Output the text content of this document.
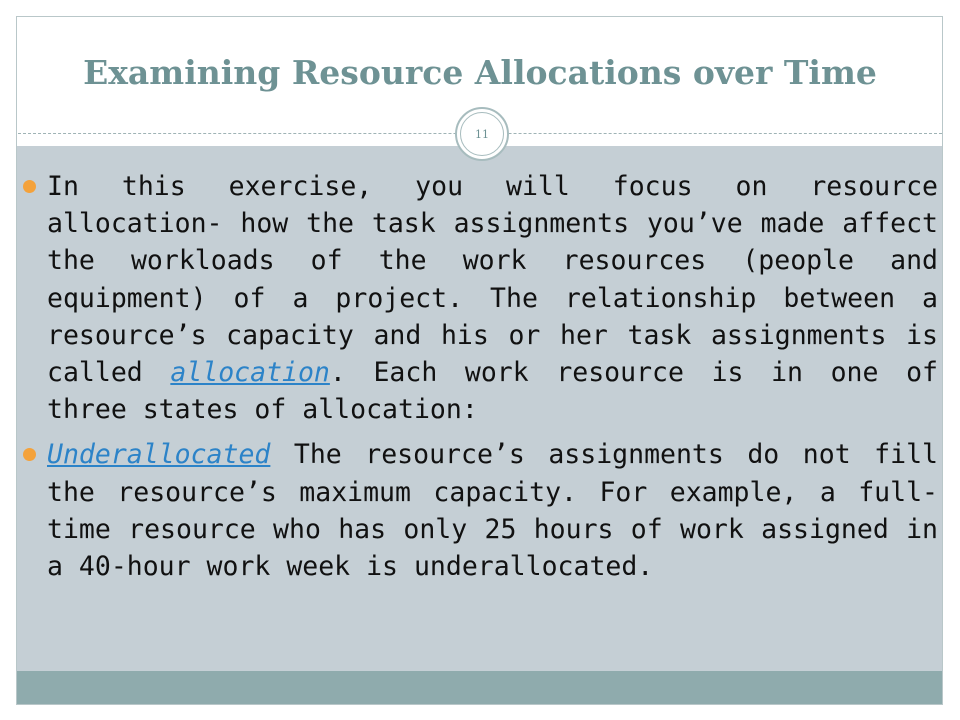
Examining Resource Allocations over Time
11
In this exercise, you will focus on resource allocation- how the task assignments you’ve made affect the workloads of the work resources (people and equipment) of a project. The relationship between a resource’s capacity and his or her task assignments is called allocation. Each work resource is in one of three states of allocation:
Underallocated The resource’s assignments do not fill the resource’s maximum capacity. For example, a full-time resource who has only 25 hours of work assigned in a 40-hour work week is underallocated.
